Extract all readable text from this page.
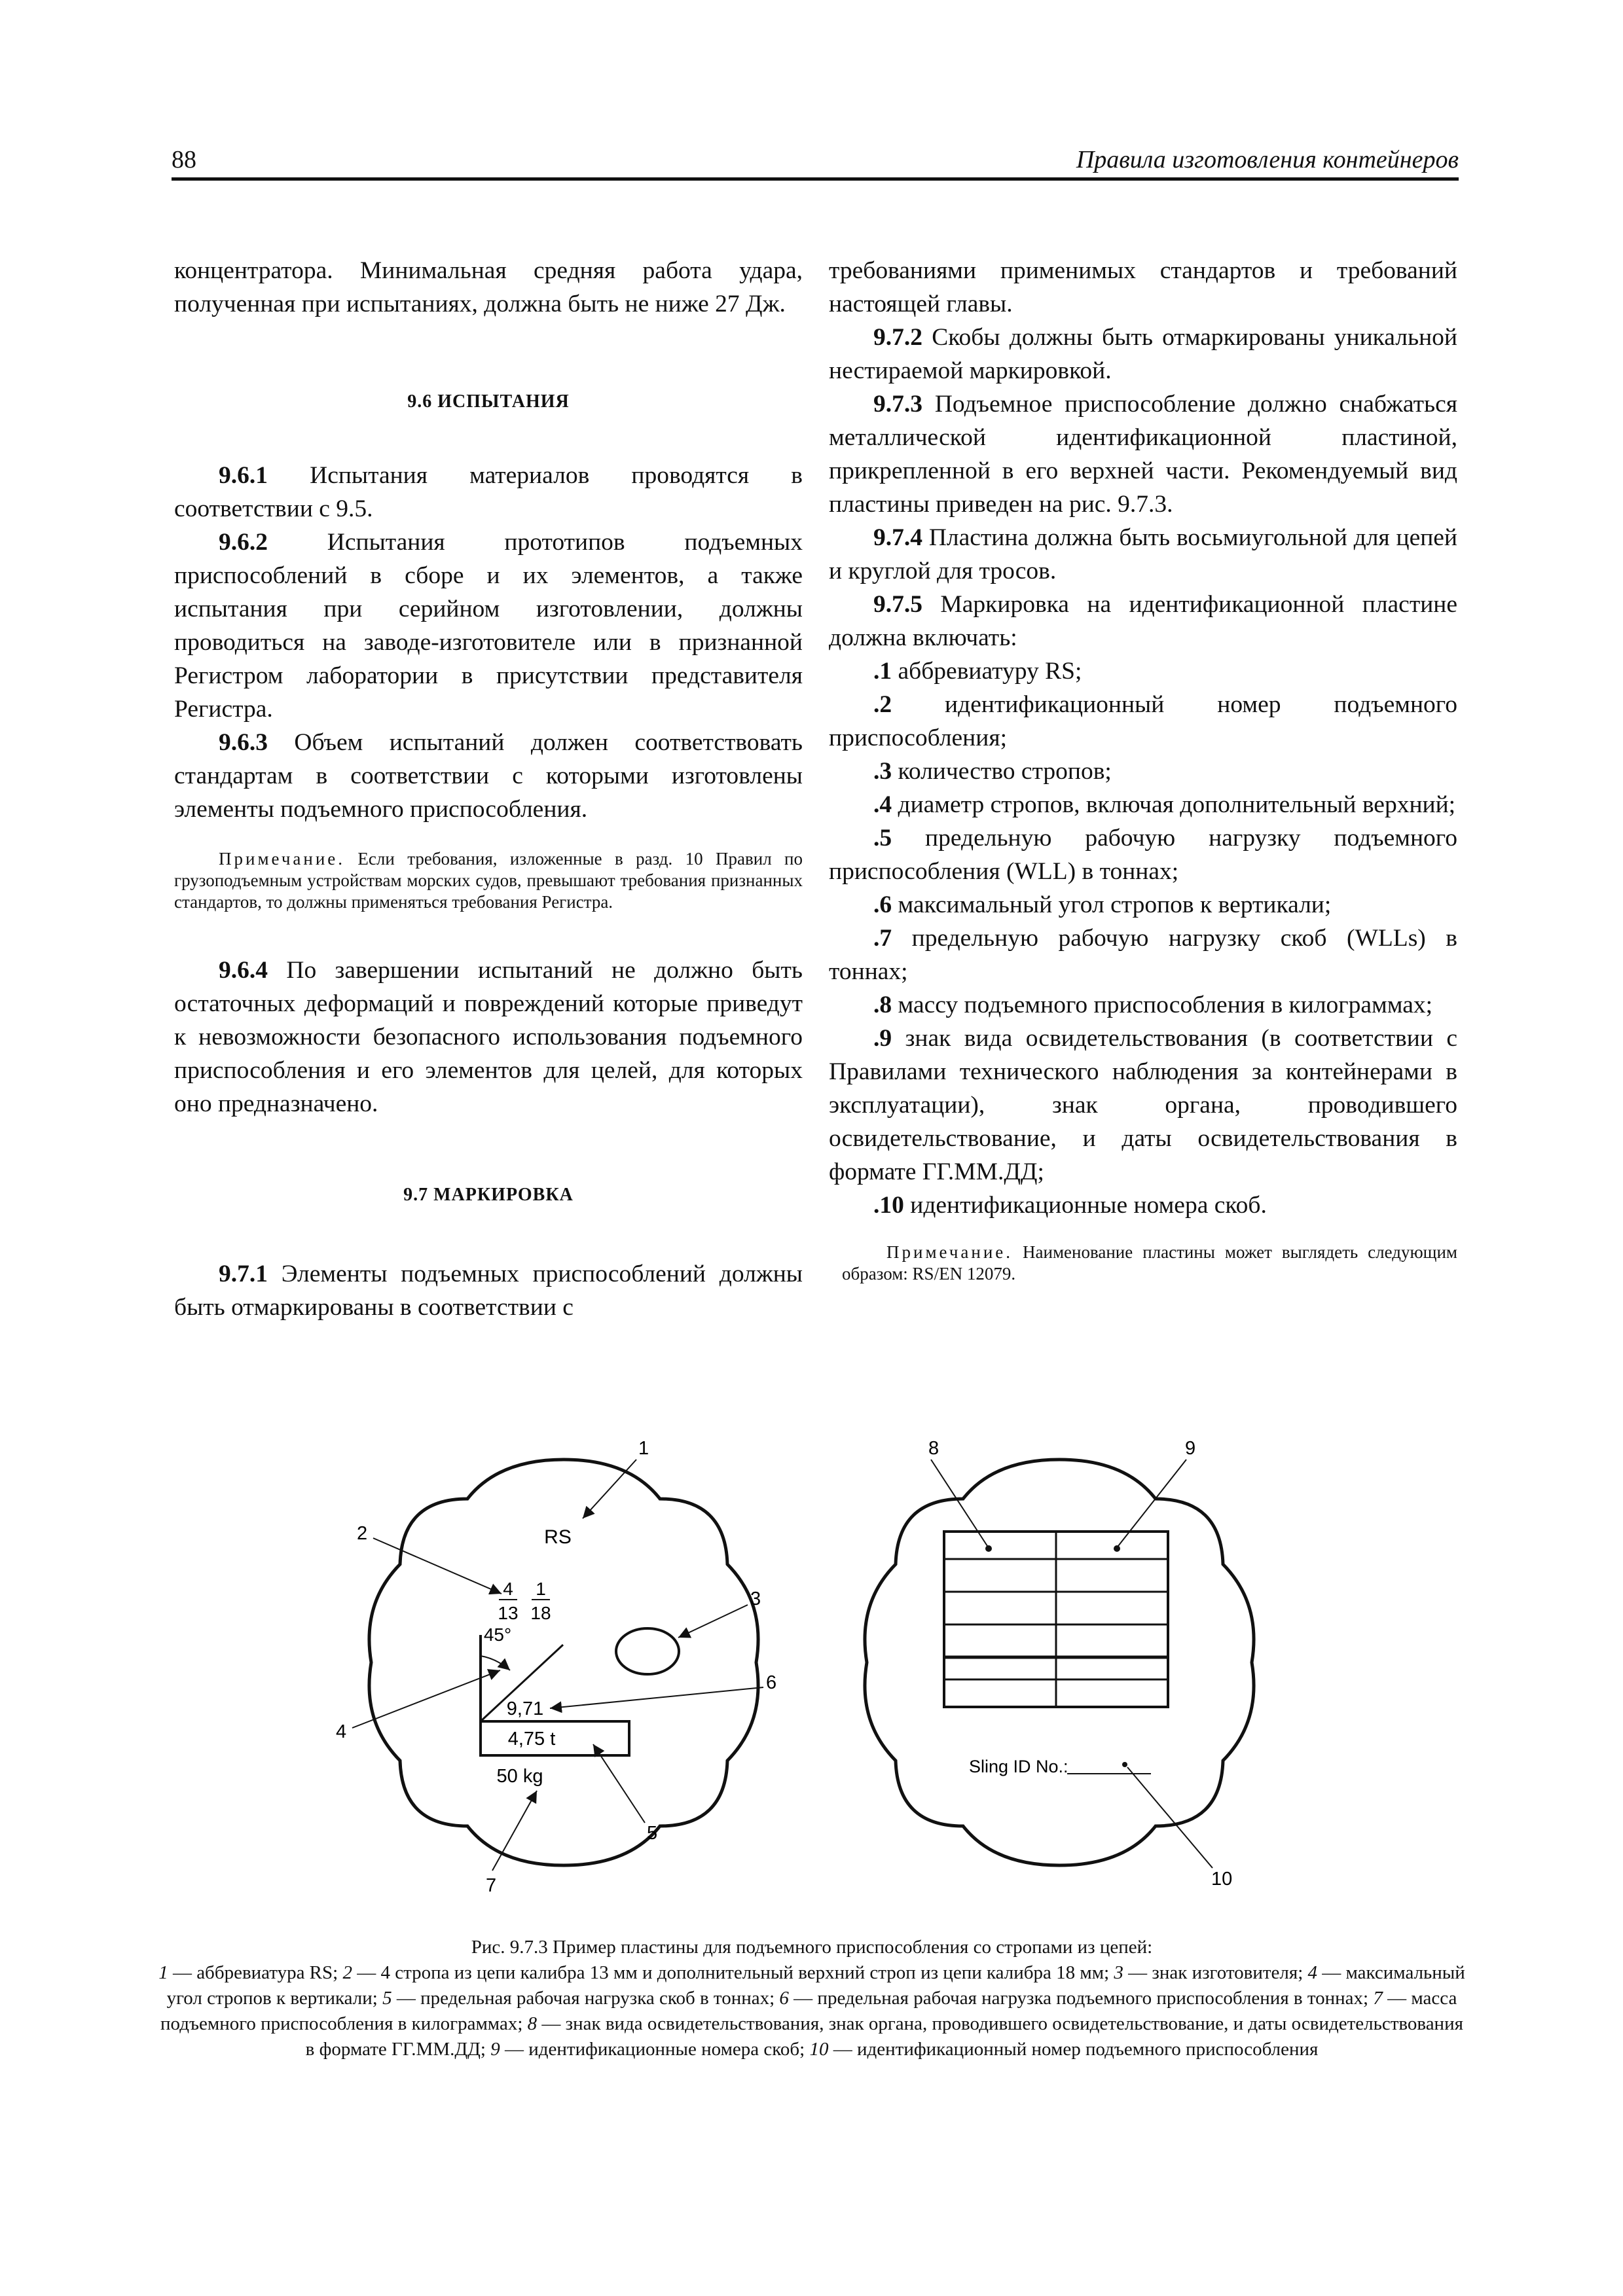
88	Правила изготовления контейнеров

концентратора. Минимальная средняя работа удара, полученная при испытаниях, должна быть не ниже 27 Дж.

9.6 ИСПЫТАНИЯ

9.6.1 Испытания материалов проводятся в соответствии с 9.5.

9.6.2 Испытания прототипов подъемных приспособлений в сборе и их элементов, а также испытания при серийном изготовлении, должны проводиться на заводе-изготовителе или в признанной Регистром лаборатории в присутствии представителя Регистра.

9.6.3 Объем испытаний должен соответствовать стандартам в соответствии с которыми изготовлены элементы подъемного приспособления.

Примечание. Если требования, изложенные в разд. 10 Правил по грузоподъемным устройствам морских судов, превышают требования признанных стандартов, то должны применяться требования Регистра.

9.6.4 По завершении испытаний не должно быть остаточных деформаций и повреждений которые приведут к невозможности безопасного использования подъемного приспособления и его элементов для целей, для которых оно предназначено.

9.7 МАРКИРОВКА

9.7.1 Элементы подъемных приспособлений должны быть отмаркированы в соответствии с

требованиями применимых стандартов и требований настоящей главы.

9.7.2 Скобы должны быть отмаркированы уникальной нестираемой маркировкой.

9.7.3 Подъемное приспособление должно снабжаться металлической идентификационной пластиной, прикрепленной в его верхней части. Рекомендуемый вид пластины приведен на рис. 9.7.3.

9.7.4 Пластина должна быть восьмиугольной для цепей и круглой для тросов.

9.7.5 Маркировка на идентификационной пластине должна включать:

.1 аббревиатуру RS;

.2 идентификационный номер подъемного приспособления;

.3 количество стропов;

.4 диаметр стропов, включая дополнительный верхний;

.5 предельную рабочую нагрузку подъемного приспособления (WLL) в тоннах;

.6 максимальный угол стропов к вертикали;

.7 предельную рабочую нагрузку скоб (WLLs) в тоннах;

.8 массу подъемного приспособления в килограммах;

.9 знак вида освидетельствования (в соответствии с Правилами технического наблюдения за контейнерами в эксплуатации), знак органа, проводившего освидетельствование, и даты освидетельствования в формате ГГ.ММ.ДД;

.10 идентификационные номера скоб.

Примечание. Наименование пластины может выглядеть следующим образом: RS/EN 12079.

RS
4
13
1
18
45°
9,71
4,75 t
50 kg
1
2
3
4
5
6
7
Sling ID No.:
8	9
10

Рис. 9.7.3 Пример пластины для подъемного приспособления со стропами из цепей:

1 — аббревиатура RS; 2 — 4 стропа из цепи калибра 13 мм и дополнительный верхний строп из цепи калибра 18 мм; 3 — знак изготовителя; 4 — максимальный угол стропов к вертикали; 5 — предельная рабочая нагрузка скоб в тоннах; 6 — предельная рабочая нагрузка подъемного приспособления в тоннах; 7 — масса подъемного приспособления в килограммах; 8 — знак вида освидетельствования, знак органа, проводившего освидетельствование, и даты освидетельствования в формате ГГ.ММ.ДД; 9 — идентификационные номера скоб; 10 — идентификационный номер подъемного приспособления
